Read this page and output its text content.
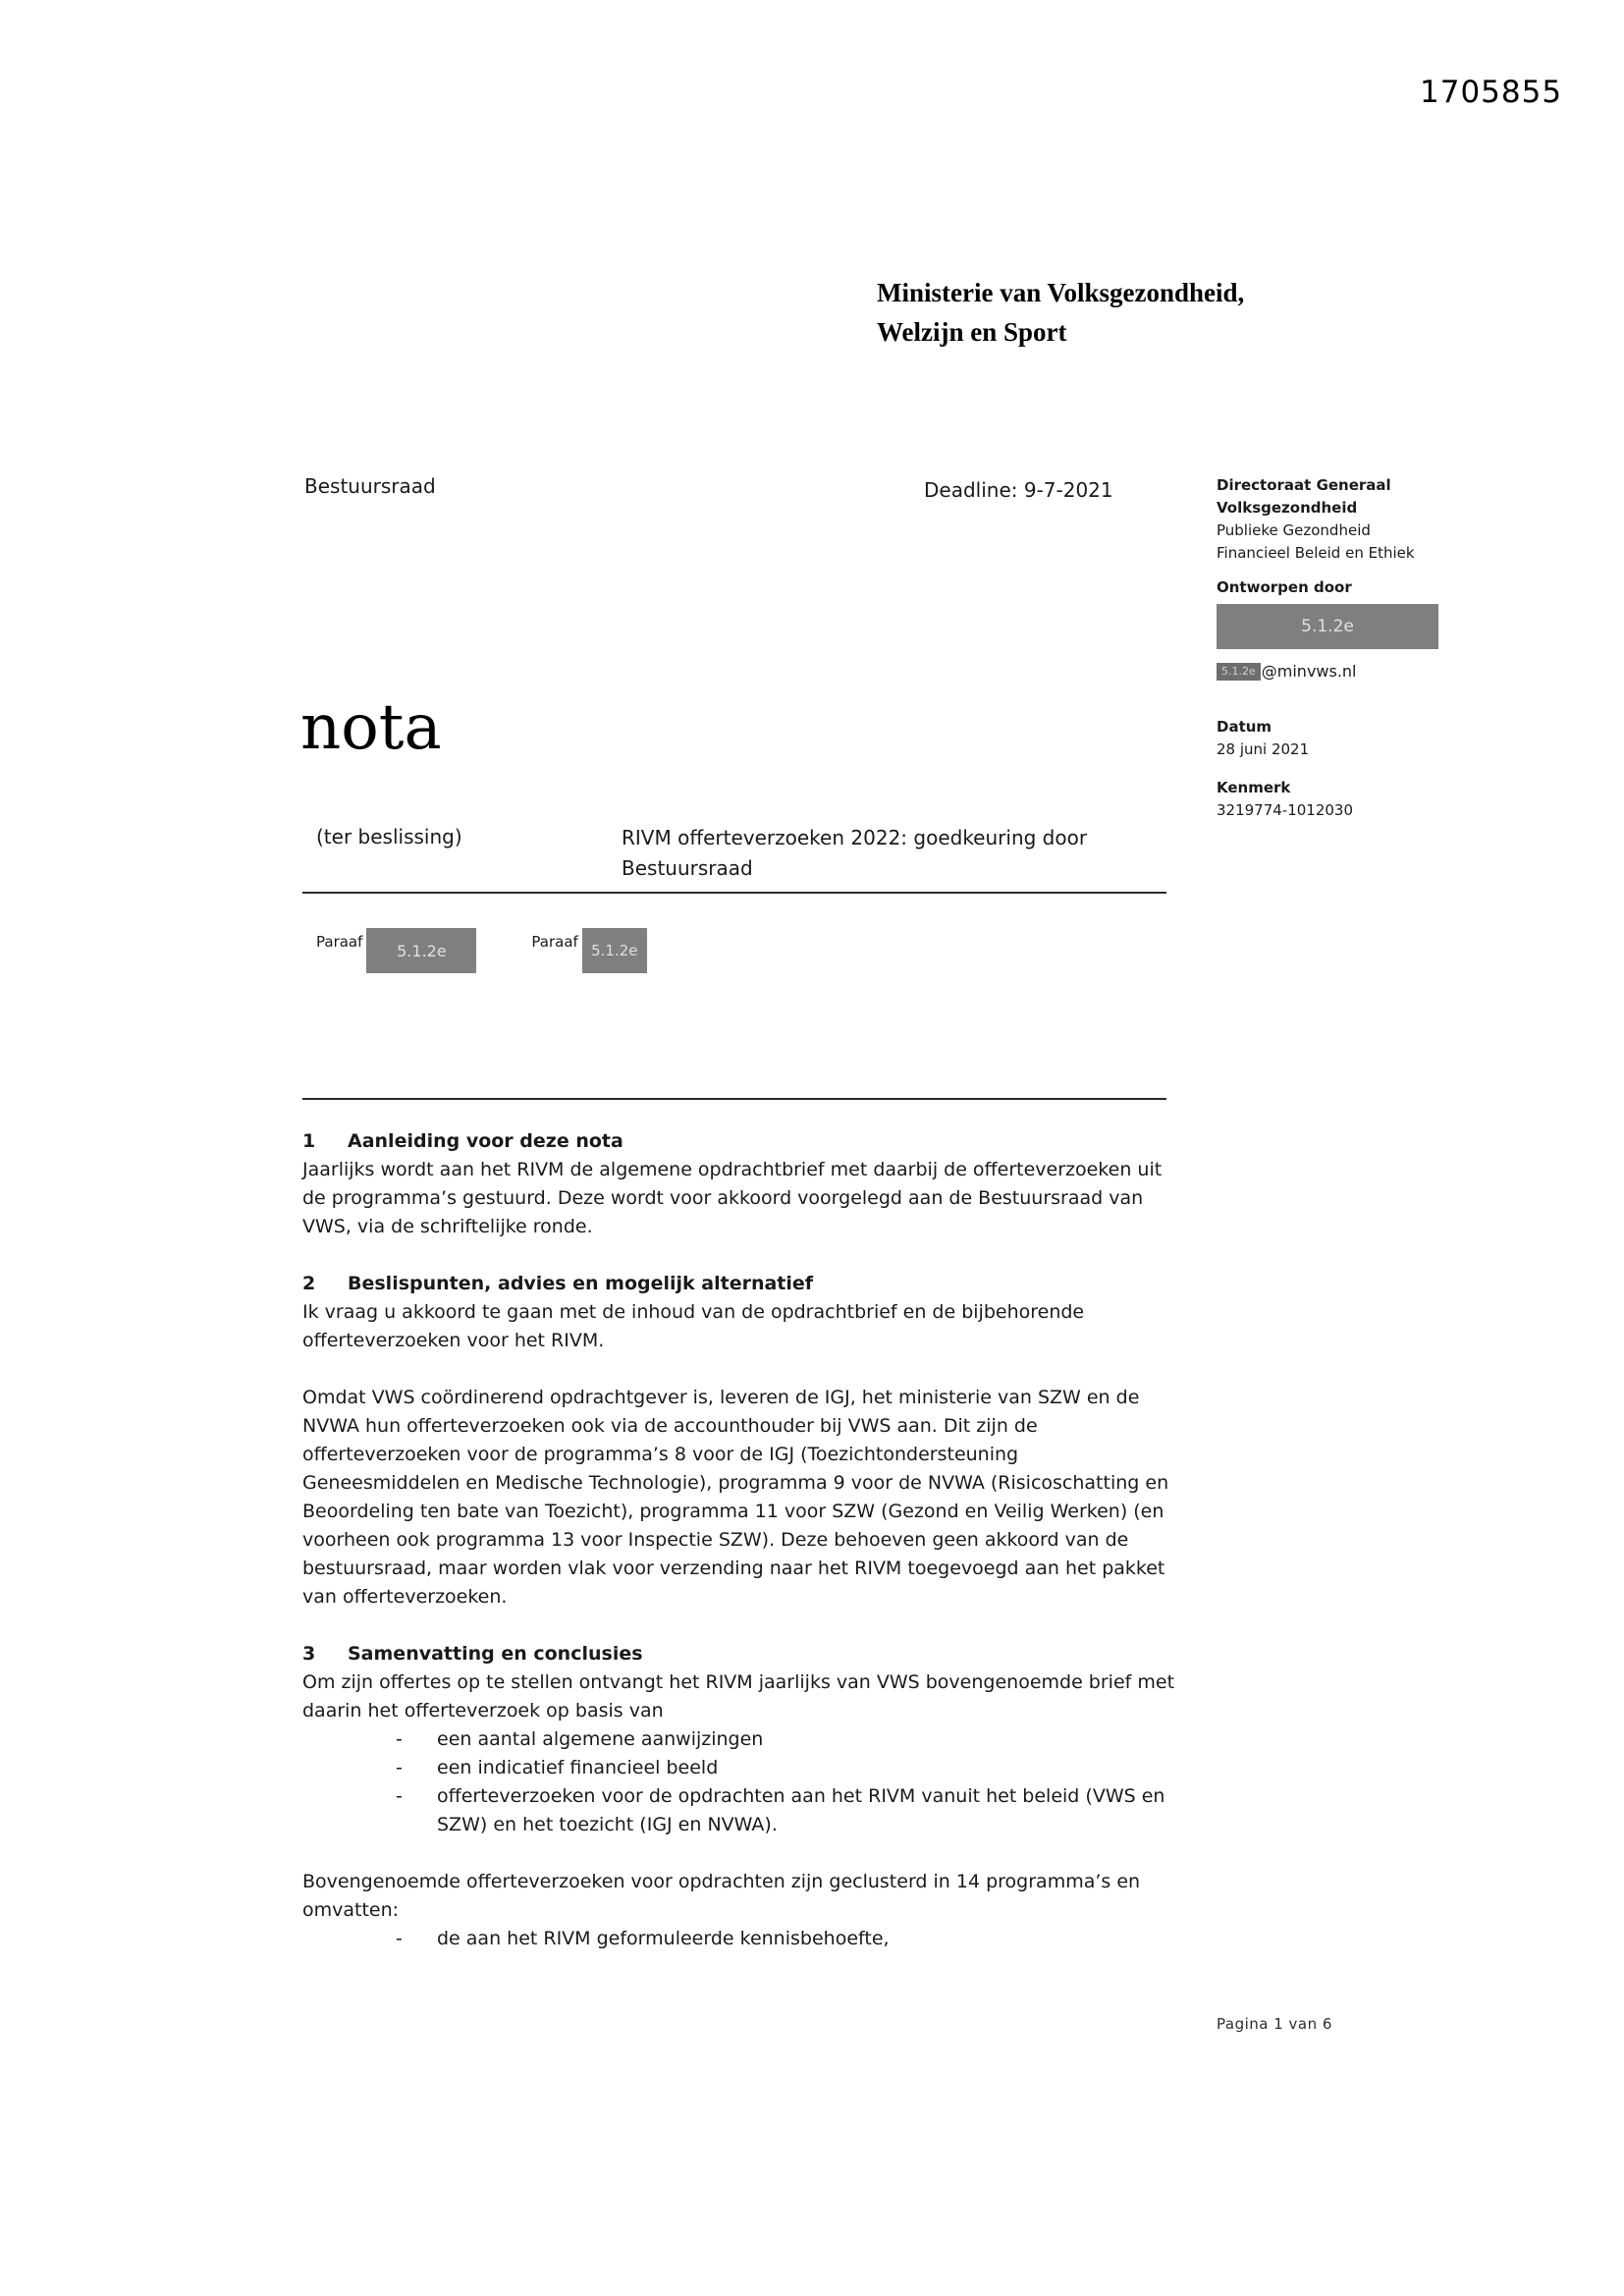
1705855
Ministerie van Volksgezondheid,
Welzijn en Sport
Bestuursraad	Deadline: 9-7-2021	Directoraat Generaal
Volksgezondheid
Publieke Gezondheid
Financieel Beleid en Ethiek
Ontworpen door
5.1.2e
5.1.2e @minvws.nl
Datum
28 juni 2021
Kenmerk
3219774-1012030
nota
(ter beslissing)	RIVM offerteverzoeken 2022: goedkeuring door
Bestuursraad
Paraaf	5.1.2e	Paraaf 5.1.2e
1	Aanleiding voor deze nota

Jaarlijks wordt aan het RIVM de algemene opdrachtbrief met daarbij de offerteverzoeken uit de programma’s gestuurd. Deze wordt voor akkoord voorgelegd aan de Bestuursraad van VWS, via de schriftelijke ronde.

2	Beslispunten, advies en mogelijk alternatief

Ik vraag u akkoord te gaan met de inhoud van de opdrachtbrief en de bijbehorende offerteverzoeken voor het RIVM.

Omdat VWS coördinerend opdrachtgever is, leveren de IGJ, het ministerie van SZW en de NVWA hun offerteverzoeken ook via de accounthouder bij VWS aan. Dit zijn de offerteverzoeken voor de programma’s 8 voor de IGJ (Toezichtondersteuning Geneesmiddelen en Medische Technologie), programma 9 voor de NVWA (Risicoschatting en Beoordeling ten bate van Toezicht), programma 11 voor SZW (Gezond en Veilig Werken) (en voorheen ook programma 13 voor Inspectie SZW). Deze behoeven geen akkoord van de bestuursraad, maar worden vlak voor verzending naar het RIVM toegevoegd aan het pakket van offerteverzoeken.

3	Samenvatting en conclusies

Om zijn offertes op te stellen ontvangt het RIVM jaarlijks van VWS bovengenoemde brief met daarin het offerteverzoek op basis van

-	een aantal algemene aanwijzingen
-	een indicatief financieel beeld
-	offerteverzoeken voor de opdrachten aan het RIVM vanuit het beleid (VWS en SZW) en het toezicht (IGJ en NVWA).

Bovengenoemde offerteverzoeken voor opdrachten zijn geclusterd in 14 programma’s en omvatten:

-	de aan het RIVM geformuleerde kennisbehoefte,
Pagina 1 van 6
